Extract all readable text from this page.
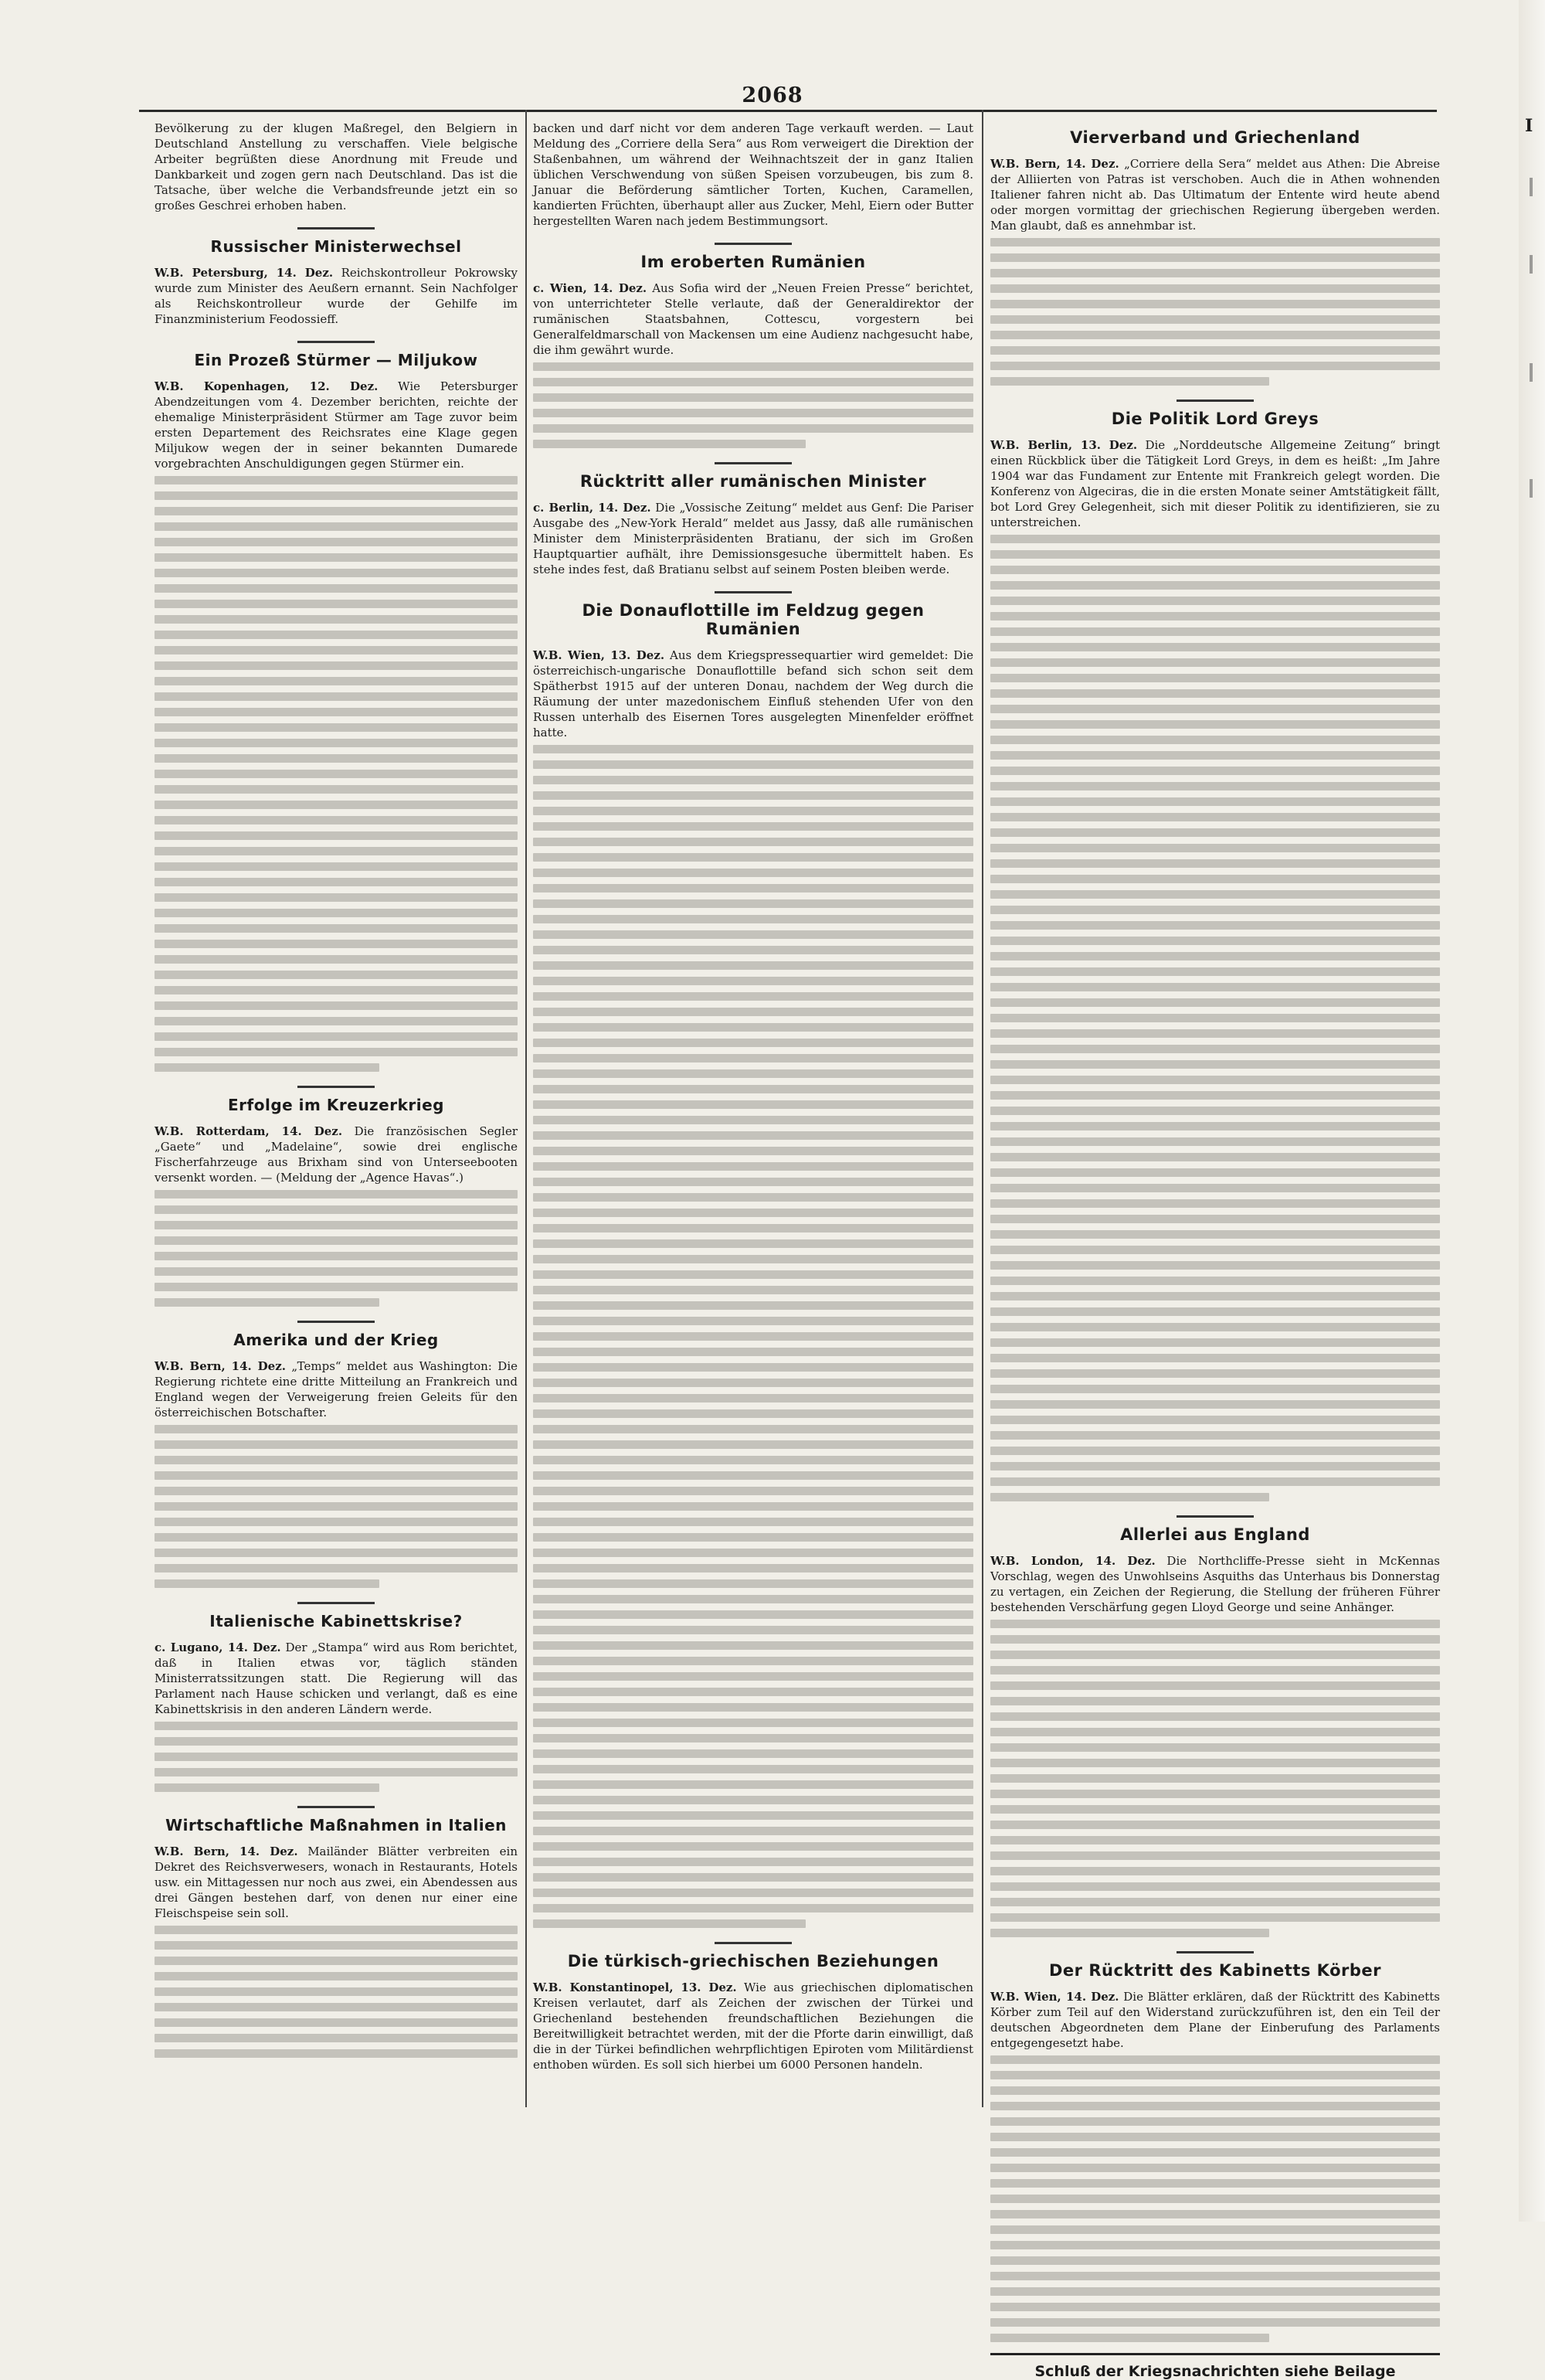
2068

Bevölkerung zu der klugen Maßregel, den Belgiern in Deutschland Anstellung zu verschaffen. Viele belgische Arbeiter begrüßten diese Anordnung mit Freude und Dankbarkeit und zogen gern nach Deutschland. Das ist die Tatsache, über welche die Verbandsfreunde jetzt ein so großes Geschrei erhoben haben.

Russischer Ministerwechsel

W.B. Petersburg, 14. Dez. Reichskontrolleur Pokrowsky wurde zum Minister des Aeußern ernannt. Sein Nachfolger als Reichskontrolleur wurde der Gehilfe im Finanzministerium Feodossieff.

Ein Prozeß Stürmer — Miljukow

W.B. Kopenhagen, 12. Dez. Wie Petersburger Abendzeitungen vom 4. Dezember berichten, reichte der ehemalige Ministerpräsident Stürmer am Tage zuvor beim ersten Departement des Reichsrates eine Klage gegen Miljukow wegen der in seiner bekannten Dumarede vorgebrachten Anschuldigungen gegen Stürmer ein.

Erfolge im Kreuzerkrieg

W.B. Rotterdam, 14. Dez. Die französischen Segler „Gaete“ und „Madelaine“, sowie drei englische Fischerfahrzeuge aus Brixham sind von Unterseebooten versenkt worden. — (Meldung der „Agence Havas“.)

Amerika und der Krieg

W.B. Bern, 14. Dez. „Temps“ meldet aus Washington: Die Regierung richtete eine dritte Mitteilung an Frankreich und England wegen der Verweigerung freien Geleits für den österreichischen Botschafter.

Italienische Kabinettskrise?

c. Lugano, 14. Dez. Der „Stampa“ wird aus Rom berichtet, daß in Italien etwas vor, täglich ständen Ministerratssitzungen statt. Die Regierung will das Parlament nach Hause schicken und verlangt, daß es eine Kabinettskrisis in den anderen Ländern werde.

Wirtschaftliche Maßnahmen in Italien

W.B. Bern, 14. Dez. Mailänder Blätter verbreiten ein Dekret des Reichsverwesers, wonach in Restaurants, Hotels usw. ein Mittagessen nur noch aus zwei, ein Abendessen aus drei Gängen bestehen darf, von denen nur einer eine Fleischspeise sein soll.

backen und darf nicht vor dem anderen Tage verkauft werden. — Laut Meldung des „Corriere della Sera“ aus Rom verweigert die Direktion der Staßenbahnen, um während der Weihnachtszeit der in ganz Italien üblichen Verschwendung von süßen Speisen vorzubeugen, bis zum 8. Januar die Beförderung sämtlicher Torten, Kuchen, Caramellen, kandierten Früchten, überhaupt aller aus Zucker, Mehl, Eiern oder Butter hergestellten Waren nach jedem Bestimmungsort.

Im eroberten Rumänien

c. Wien, 14. Dez. Aus Sofia wird der „Neuen Freien Presse“ berichtet, von unterrichteter Stelle verlaute, daß der Generaldirektor der rumänischen Staatsbahnen, Cottescu, vorgestern bei Generalfeldmarschall von Mackensen um eine Audienz nachgesucht habe, die ihm gewährt wurde.

Rücktritt aller rumänischen Minister

c. Berlin, 14. Dez. Die „Vossische Zeitung“ meldet aus Genf: Die Pariser Ausgabe des „New-York Herald“ meldet aus Jassy, daß alle rumänischen Minister dem Ministerpräsidenten Bratianu, der sich im Großen Hauptquartier aufhält, ihre Demissionsgesuche übermittelt haben. Es stehe indes fest, daß Bratianu selbst auf seinem Posten bleiben werde.

Die Donauflottille im Feldzug gegen Rumänien

W.B. Wien, 13. Dez. Aus dem Kriegspressequartier wird gemeldet: Die österreichisch-ungarische Donauflottille befand sich schon seit dem Spätherbst 1915 auf der unteren Donau, nachdem der Weg durch die Räumung der unter mazedonischem Einfluß stehenden Ufer von den Russen unterhalb des Eisernen Tores ausgelegten Minenfelder eröffnet hatte.

Die türkisch-griechischen Beziehungen

W.B. Konstantinopel, 13. Dez. Wie aus griechischen diplomatischen Kreisen verlautet, darf als Zeichen der zwischen der Türkei und Griechenland bestehenden freundschaftlichen Beziehungen die Bereitwilligkeit betrachtet werden, mit der die Pforte darin einwilligt, daß die in der Türkei befindlichen wehrpflichtigen Epiroten vom Militärdienst enthoben würden. Es soll sich hierbei um 6000 Personen handeln.

Vierverband und Griechenland

W.B. Bern, 14. Dez. „Corriere della Sera“ meldet aus Athen: Die Abreise der Alliierten von Patras ist verschoben. Auch die in Athen wohnenden Italiener fahren nicht ab. Das Ultimatum der Entente wird heute abend oder morgen vormittag der griechischen Regierung übergeben werden. Man glaubt, daß es annehmbar ist.

Die Politik Lord Greys

W.B. Berlin, 13. Dez. Die „Norddeutsche Allgemeine Zeitung“ bringt einen Rückblick über die Tätigkeit Lord Greys, in dem es heißt: „Im Jahre 1904 war das Fundament zur Entente mit Frankreich gelegt worden. Die Konferenz von Algeciras, die in die ersten Monate seiner Amtstätigkeit fällt, bot Lord Grey Gelegenheit, sich mit dieser Politik zu identifizieren, sie zu unterstreichen.

Allerlei aus England

W.B. London, 14. Dez. Die Northcliffe-Presse sieht in McKennas Vorschlag, wegen des Unwohlseins Asquiths das Unterhaus bis Donnerstag zu vertagen, ein Zeichen der Regierung, die Stellung der früheren Führer bestehenden Verschärfung gegen Lloyd George und seine Anhänger.

Der Rücktritt des Kabinetts Körber

W.B. Wien, 14. Dez. Die Blätter erklären, daß der Rücktritt des Kabinetts Körber zum Teil auf den Widerstand zurückzuführen ist, den ein Teil der deutschen Abgeordneten dem Plane der Einberufung des Parlaments entgegengesetzt habe.

Schluß der Kriegsnachrichten siehe Beilage
I
